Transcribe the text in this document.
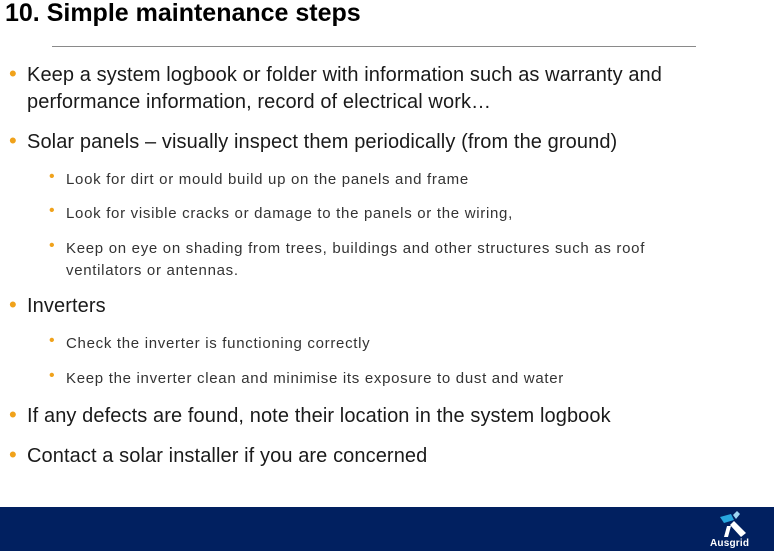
10. Simple maintenance steps
• Keep a system logbook or folder with information such as warranty and performance information, record of electrical work…
• Solar panels – visually inspect them periodically (from the ground)
• Look for dirt or mould build up on the panels and frame
• Look for visible cracks or damage to the panels or the wiring,
• Keep on eye on shading from trees, buildings and other structures such as roof ventilators or antennas.
• Inverters
• Check the inverter is functioning correctly
• Keep the inverter clean and minimise its exposure to dust and water
• If any defects are found, note their location in the system logbook
• Contact a solar installer if you are concerned
Ausgrid
